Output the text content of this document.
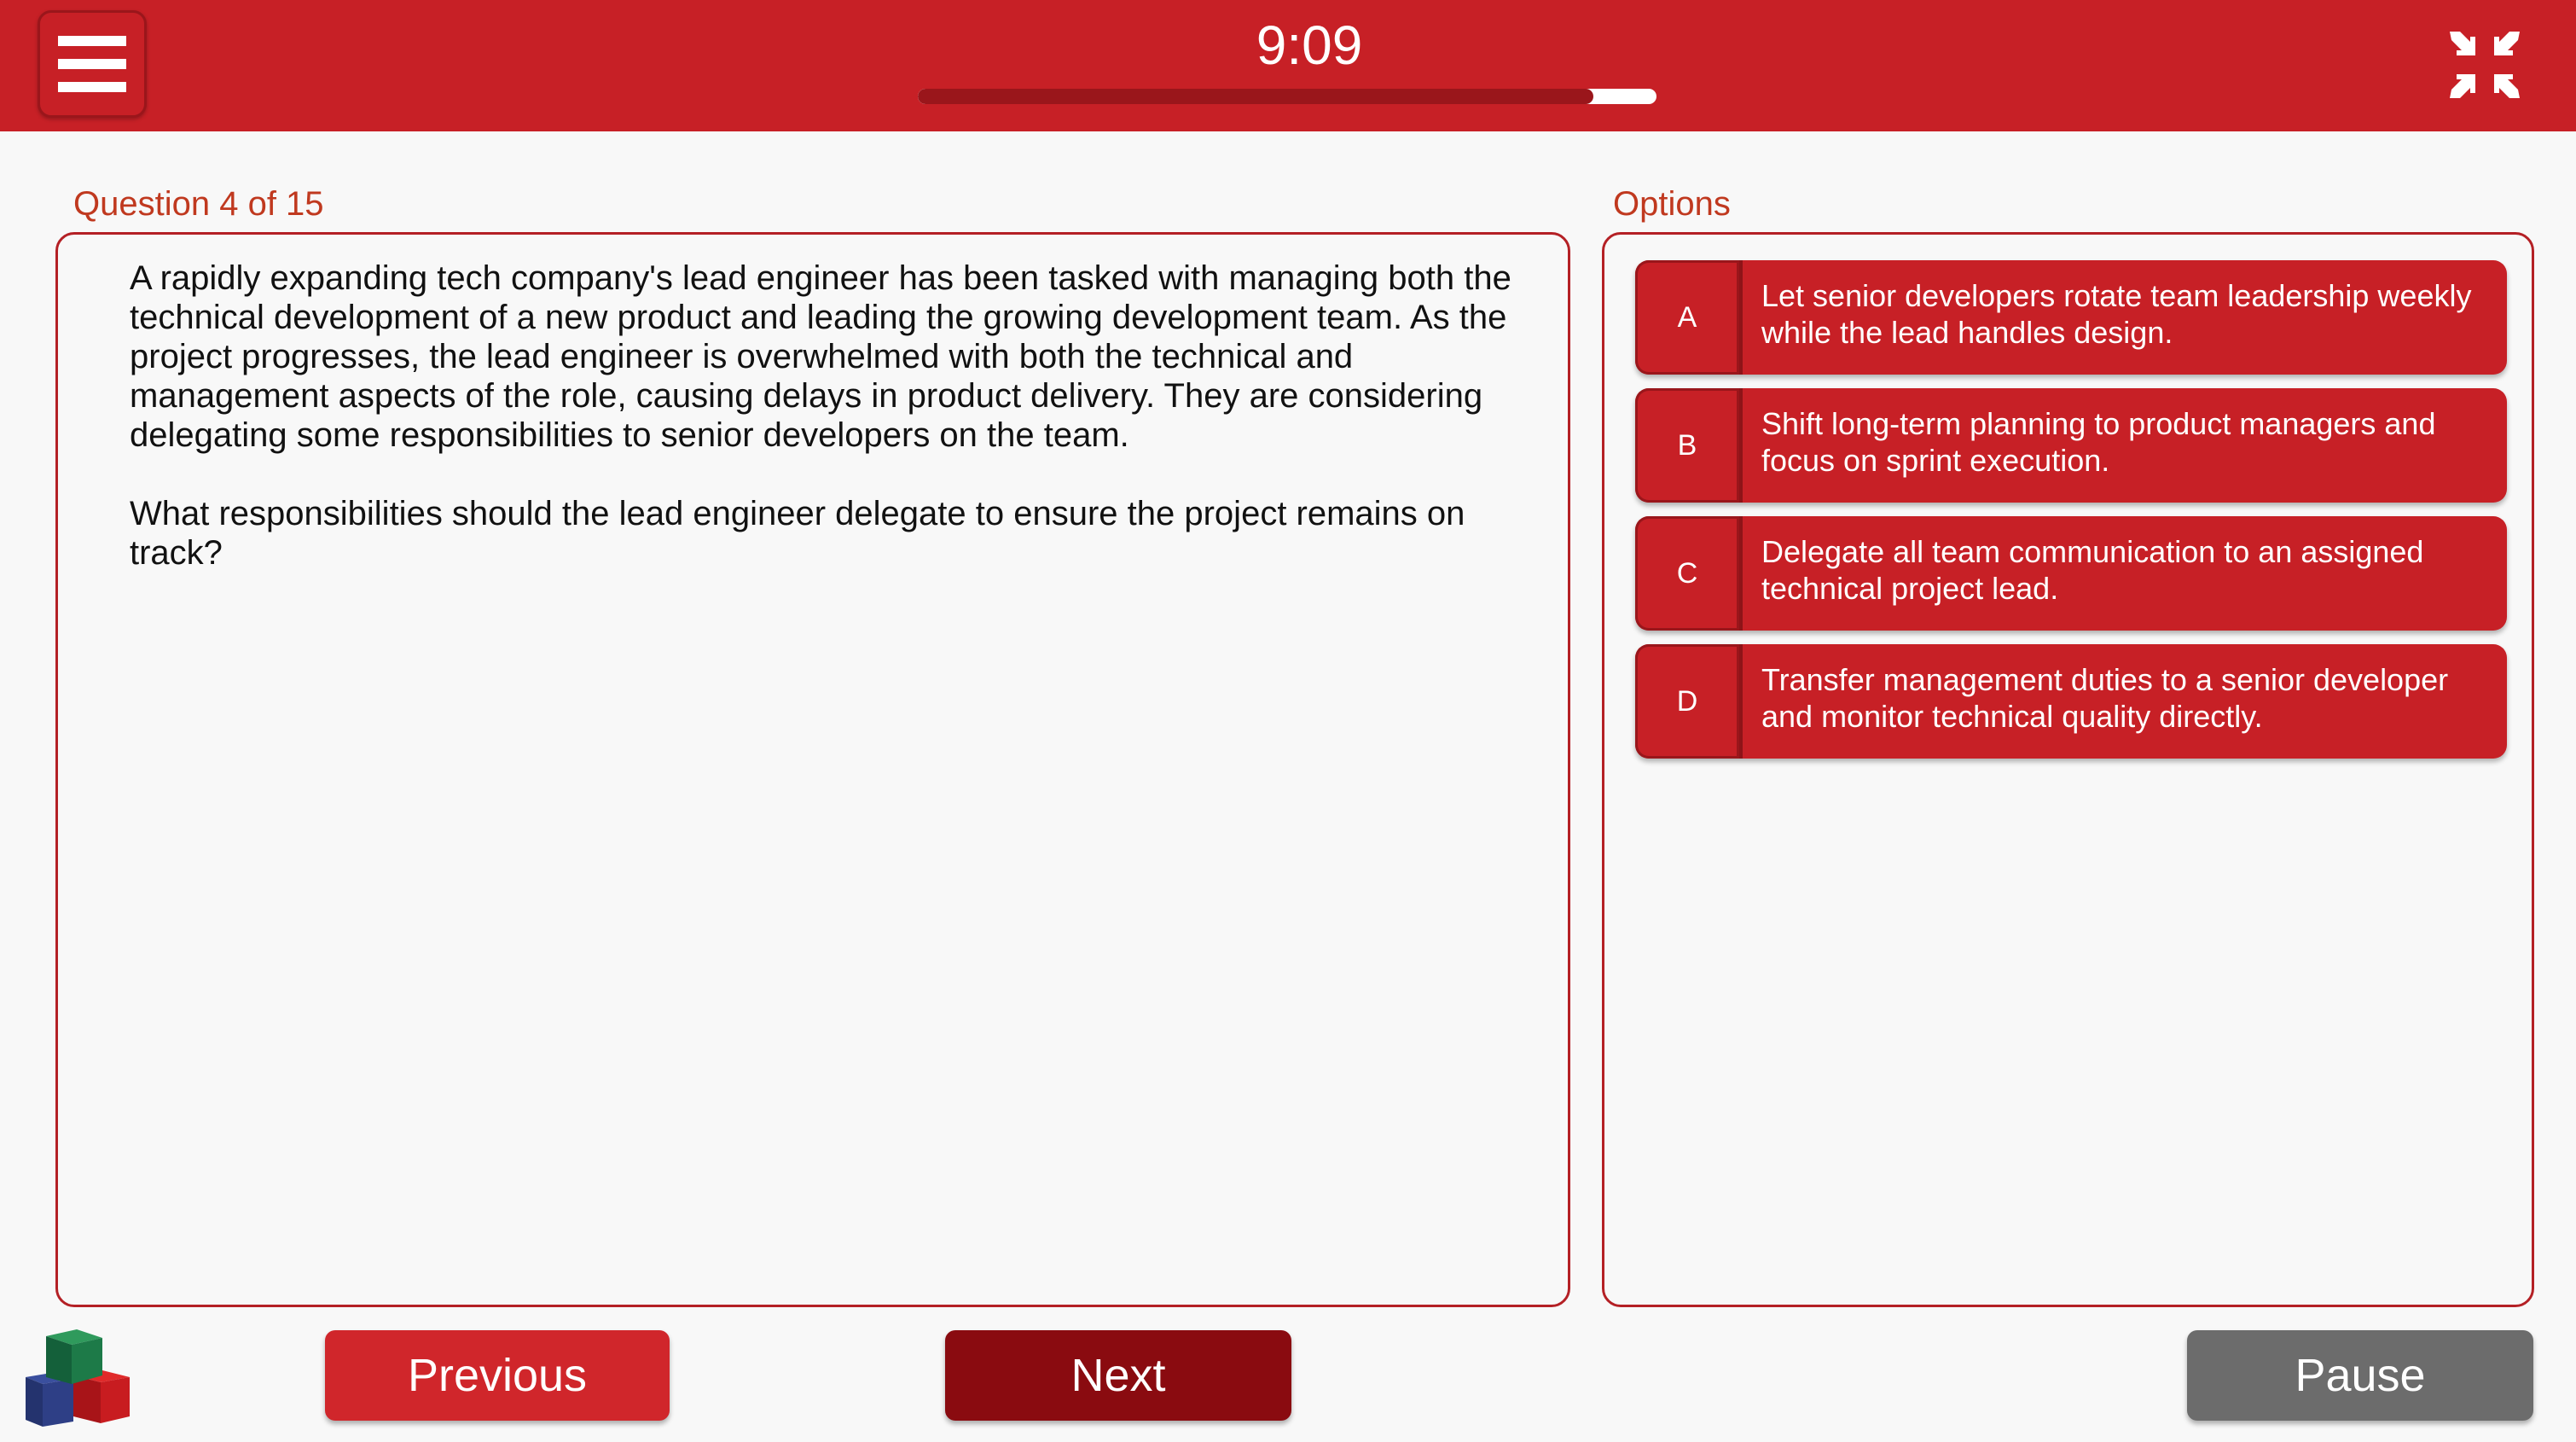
9:09
Question 4 of 15	Options

A rapidly expanding tech company's lead engineer has been tasked with managing both the technical development of a new product and leading the growing development team. As the project progresses, the lead engineer is overwhelmed with both the technical and management aspects of the role, causing delays in product delivery. They are considering delegating some responsibilities to senior developers on the team.

What responsibilities should the lead engineer delegate to ensure the project remains on track?

A
Let senior developers rotate team leadership weekly while the lead handles design.
B
Shift long-term planning to product managers and focus on sprint execution.
C
Delegate all team communication to an assigned technical project lead.
D
Transfer management duties to a senior developer and monitor technical quality directly.
Previous	Next	Pause
